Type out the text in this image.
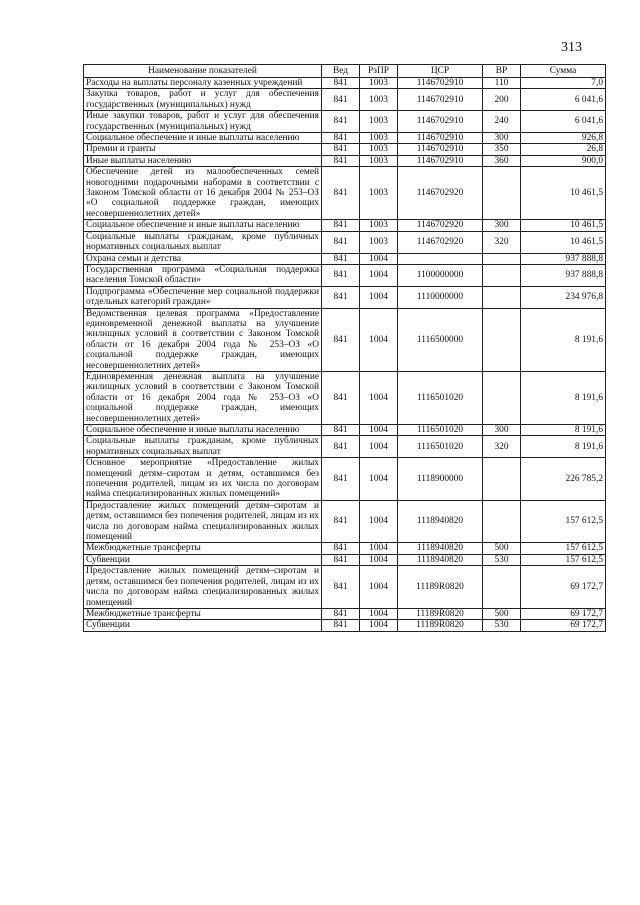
313
Наименование показателей	Вед	РзПР	ЦСР	ВР	Сумма
Расходы на выплаты персоналу казенных учреждений	841	1003	1146702910	110	7,0
Закупка товаров, работ и услуг для обеспечения государственных (муниципальных) нужд	841	1003	1146702910	200	6 041,6
Иные закупки товаров, работ и услуг для обеспечения государственных (муниципальных) нужд	841	1003	1146702910	240	6 041,6
Социальное обеспечение и иные выплаты населению	841	1003	1146702910	300	926,8
Премии и гранты	841	1003	1146702910	350	26,8
Иные выплаты населению	841	1003	1146702910	360	900,0
Обеспечение детей из малообеспеченных семей новогодними подарочными наборами в соответствии с Законом Томской области от 16 декабря 2004 № 253–ОЗ «О социальной поддержке граждан, имеющих несовершеннолетних детей»	841	1003	1146702920		10 461,5
Социальное обеспечение и иные выплаты населению	841	1003	1146702920	300	10 461,5
Социальные выплаты гражданам, кроме публичных нормативных социальных выплат	841	1003	1146702920	320	10 461,5
Охрана семьи и детства	841	1004			937 888,8
Государственная программа «Социальная поддержка населения Томской области»	841	1004	1100000000		937 888,8
Подпрограмма «Обеспечение мер социальной поддержки отдельных категорий граждан»	841	1004	1110000000		234 976,8
Ведомственная целевая программа «Предоставление единовременной денежной выплаты на улучшение жилищных условий в соответствии с Законом Томской области от 16 декабря 2004 года № 253–ОЗ «О социальной поддержке граждан, имеющих несовершеннолетних детей»	841	1004	1116500000		8 191,6
Единовременная денежная выплата на улучшение жилищных условий в соответствии с Законом Томской области от 16 декабря 2004 года № 253–ОЗ «О социальной поддержке граждан, имеющих несовершеннолетних детей»	841	1004	1116501020		8 191,6
Социальное обеспечение и иные выплаты населению	841	1004	1116501020	300	8 191,6
Социальные выплаты гражданам, кроме публичных нормативных социальных выплат	841	1004	1116501020	320	8 191,6
Основное мероприятие «Предоставление жилых помещений детям–сиротам и детям, оставшимся без попечения родителей, лицам из их числа по договорам найма специализированных жилых помещений»	841	1004	1118900000		226 785,2
Предоставление жилых помещений детям–сиротам и детям, оставшимся без попечения родителей, лицам из их числа по договорам найма специализированных жилых помещений	841	1004	1118940820		157 612,5
Межбюджетные трансферты	841	1004	1118940820	500	157 612,5
Субвенции	841	1004	1118940820	530	157 612,5
Предоставление жилых помещений детям–сиротам и детям, оставшимся без попечения родителей, лицам из их числа по договорам найма специализированных жилых помещений	841	1004	11189R0820		69 172,7
Межбюджетные трансферты	841	1004	11189R0820	500	69 172,7
Субвенции	841	1004	11189R0820	530	69 172,7
